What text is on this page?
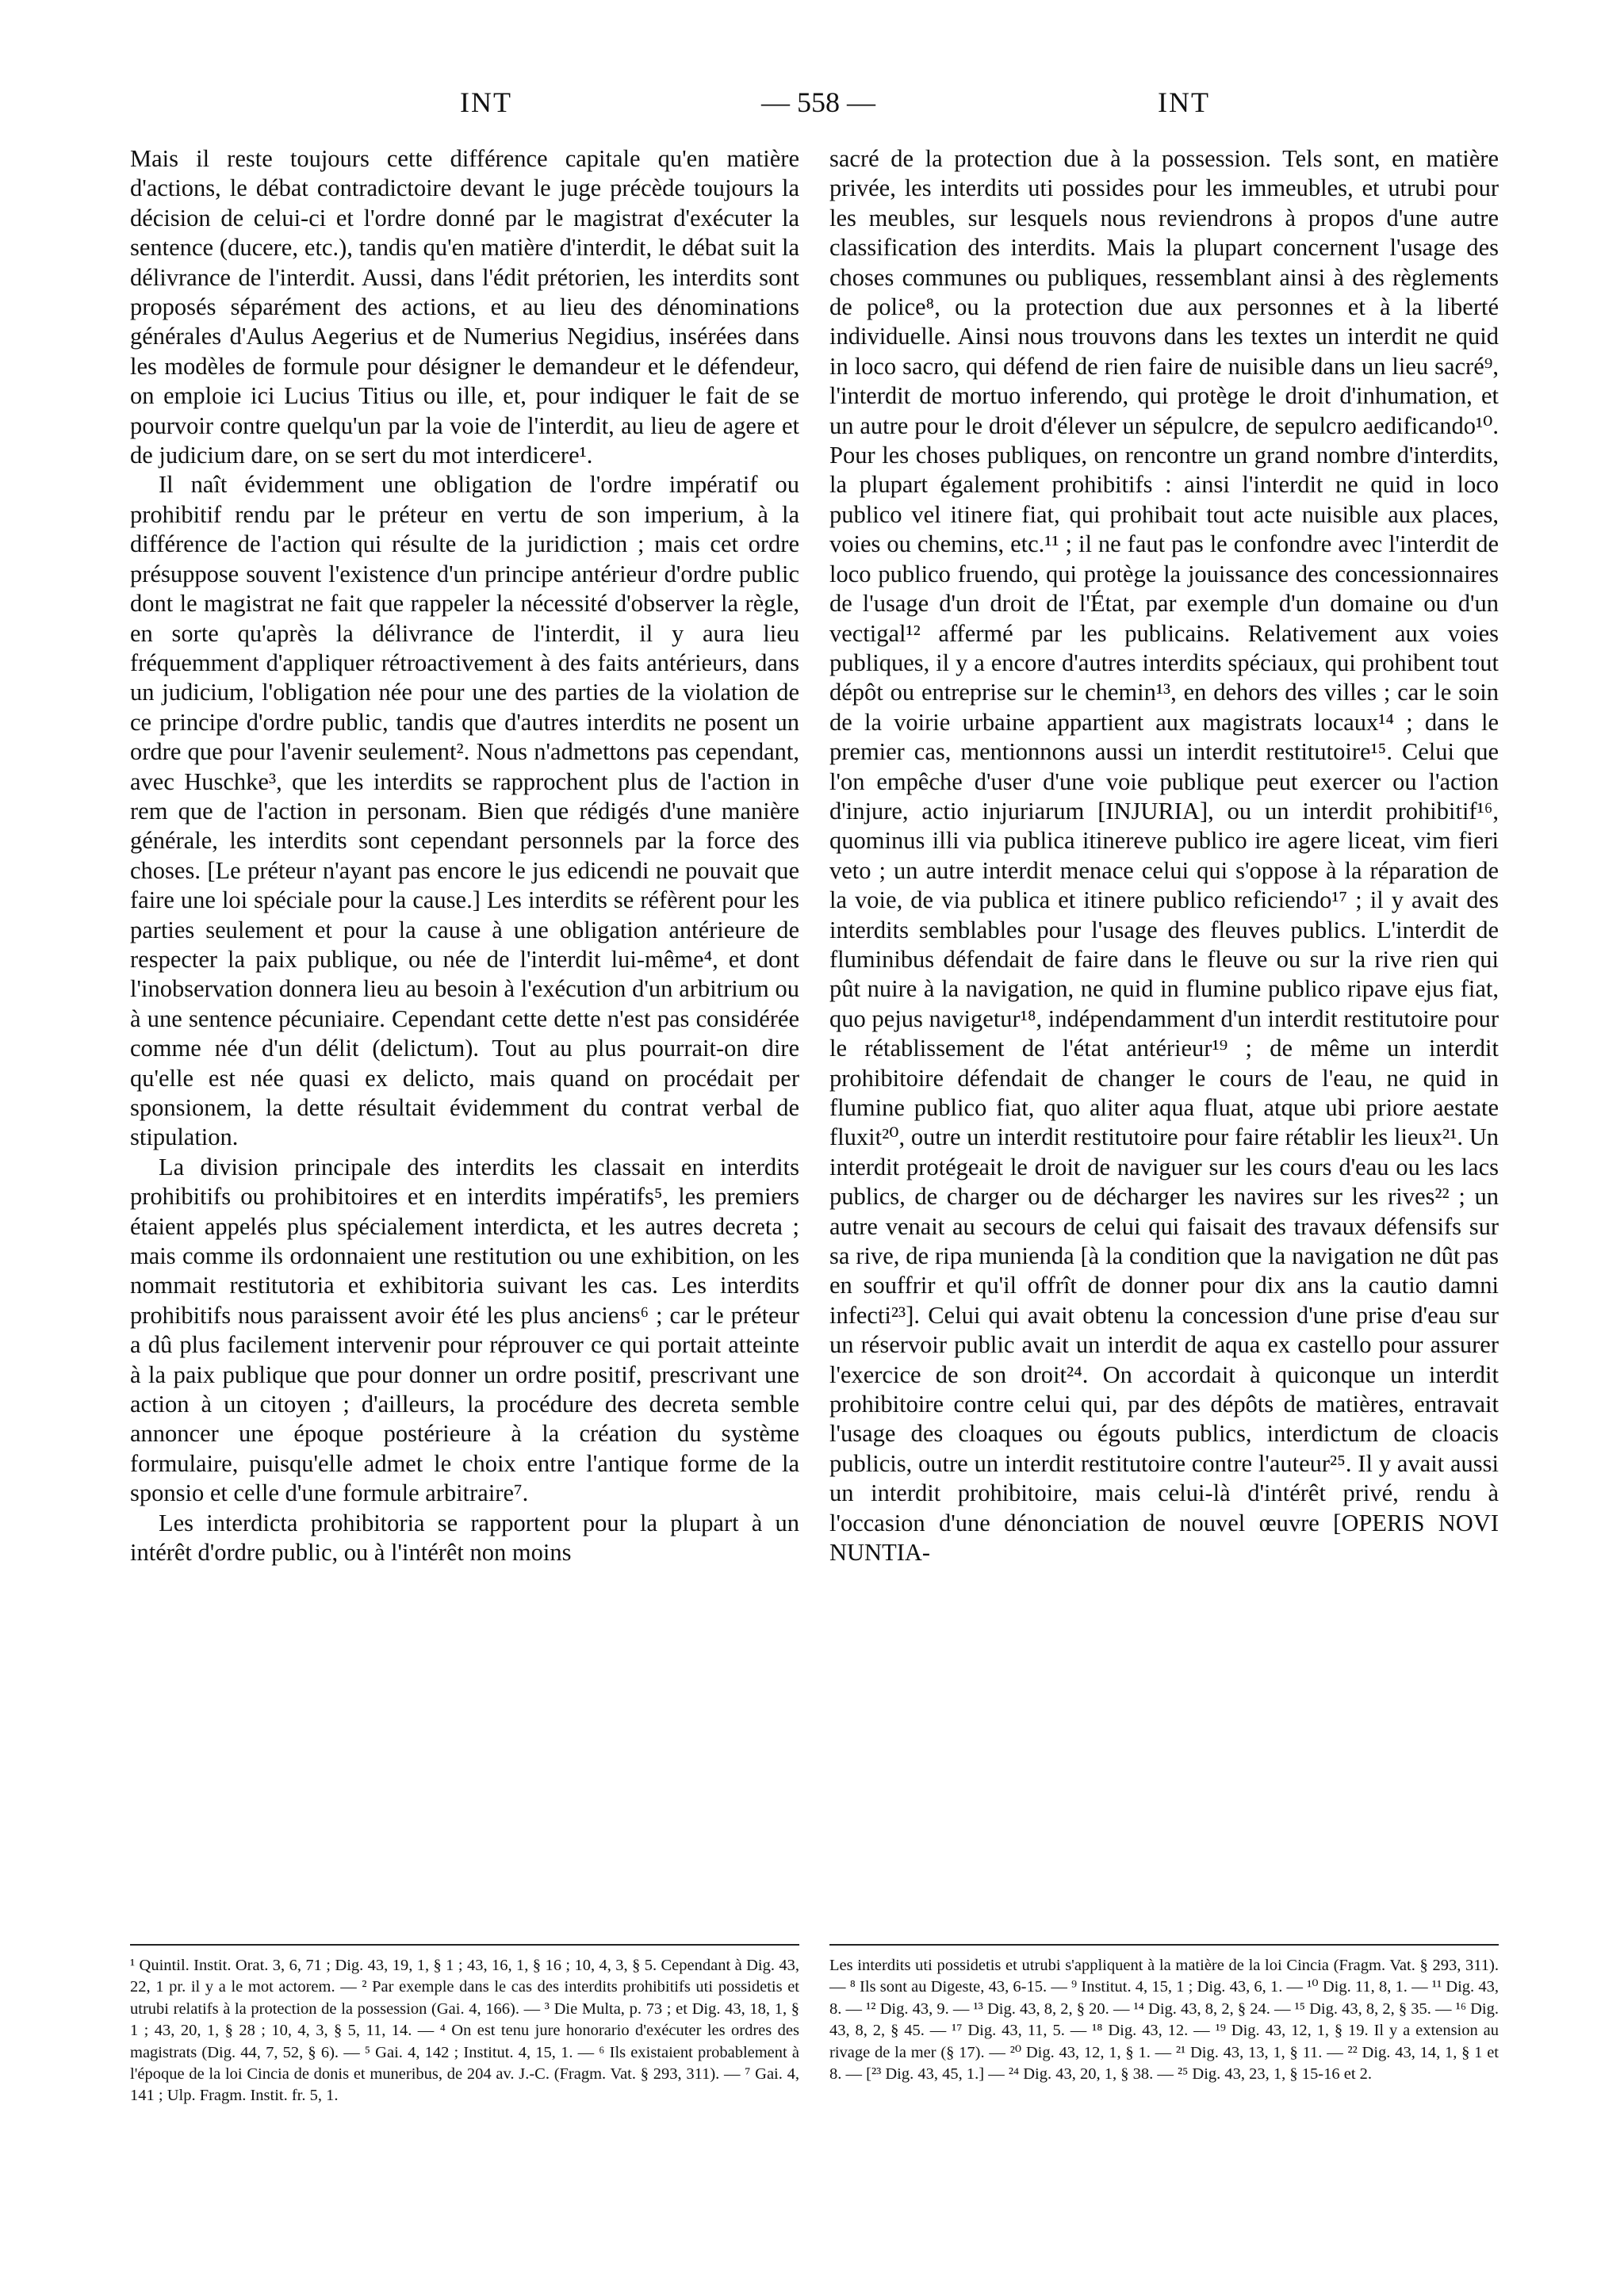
INT	— 558 —	INT

Mais il reste toujours cette différence capitale qu'en matière d'actions, le débat contradictoire devant le juge précède toujours la décision de celui-ci et l'ordre donné par le magistrat d'exécuter la sentence (ducere, etc.), tandis qu'en matière d'interdit, le débat suit la délivrance de l'interdit. Aussi, dans l'édit prétorien, les interdits sont proposés séparément des actions, et au lieu des dénominations générales d'Aulus Aegerius et de Numerius Negidius, insérées dans les modèles de formule pour désigner le demandeur et le défendeur, on emploie ici Lucius Titius ou ille, et, pour indiquer le fait de se pourvoir contre quelqu'un par la voie de l'interdit, au lieu de agere et de judicium dare, on se sert du mot interdicere¹.

Il naît évidemment une obligation de l'ordre impératif ou prohibitif rendu par le préteur en vertu de son imperium, à la différence de l'action qui résulte de la juridiction ; mais cet ordre présuppose souvent l'existence d'un principe antérieur d'ordre public dont le magistrat ne fait que rappeler la nécessité d'observer la règle, en sorte qu'après la délivrance de l'interdit, il y aura lieu fréquemment d'appliquer rétroactivement à des faits antérieurs, dans un judicium, l'obligation née pour une des parties de la violation de ce principe d'ordre public, tandis que d'autres interdits ne posent un ordre que pour l'avenir seulement². Nous n'admettons pas cependant, avec Huschke³, que les interdits se rapprochent plus de l'action in rem que de l'action in personam. Bien que rédigés d'une manière générale, les interdits sont cependant personnels par la force des choses. [Le préteur n'ayant pas encore le jus edicendi ne pouvait que faire une loi spéciale pour la cause.] Les interdits se réfèrent pour les parties seulement et pour la cause à une obligation antérieure de respecter la paix publique, ou née de l'interdit lui-même⁴, et dont l'inobservation donnera lieu au besoin à l'exécution d'un arbitrium ou à une sentence pécuniaire. Cependant cette dette n'est pas considérée comme née d'un délit (delictum). Tout au plus pourrait-on dire qu'elle est née quasi ex delicto, mais quand on procédait per sponsionem, la dette résultait évidemment du contrat verbal de stipulation.

La division principale des interdits les classait en interdits prohibitifs ou prohibitoires et en interdits impératifs⁵, les premiers étaient appelés plus spécialement interdicta, et les autres decreta ; mais comme ils ordonnaient une restitution ou une exhibition, on les nommait restitutoria et exhibitoria suivant les cas. Les interdits prohibitifs nous paraissent avoir été les plus anciens⁶ ; car le préteur a dû plus facilement intervenir pour réprouver ce qui portait atteinte à la paix publique que pour donner un ordre positif, prescrivant une action à un citoyen ; d'ailleurs, la procédure des decreta semble annoncer une époque postérieure à la création du système formulaire, puisqu'elle admet le choix entre l'antique forme de la sponsio et celle d'une formule arbitraire⁷.

Les interdicta prohibitoria se rapportent pour la plupart à un intérêt d'ordre public, ou à l'intérêt non moins

sacré de la protection due à la possession. Tels sont, en matière privée, les interdits uti possides pour les immeubles, et utrubi pour les meubles, sur lesquels nous reviendrons à propos d'une autre classification des interdits. Mais la plupart concernent l'usage des choses communes ou publiques, ressemblant ainsi à des règlements de police⁸, ou la protection due aux personnes et à la liberté individuelle. Ainsi nous trouvons dans les textes un interdit ne quid in loco sacro, qui défend de rien faire de nuisible dans un lieu sacré⁹, l'interdit de mortuo inferendo, qui protège le droit d'inhumation, et un autre pour le droit d'élever un sépulcre, de sepulcro aedificando¹⁰. Pour les choses publiques, on rencontre un grand nombre d'interdits, la plupart également prohibitifs : ainsi l'interdit ne quid in loco publico vel itinere fiat, qui prohibait tout acte nuisible aux places, voies ou chemins, etc.¹¹ ; il ne faut pas le confondre avec l'interdit de loco publico fruendo, qui protège la jouissance des concessionnaires de l'usage d'un droit de l'État, par exemple d'un domaine ou d'un vectigal¹² affermé par les publicains. Relativement aux voies publiques, il y a encore d'autres interdits spéciaux, qui prohibent tout dépôt ou entreprise sur le chemin¹³, en dehors des villes ; car le soin de la voirie urbaine appartient aux magistrats locaux¹⁴ ; dans le premier cas, mentionnons aussi un interdit restitutoire¹⁵. Celui que l'on empêche d'user d'une voie publique peut exercer ou l'action d'injure, actio injuriarum [INJURIA], ou un interdit prohibitif¹⁶, quominus illi via publica itinereve publico ire agere liceat, vim fieri veto ; un autre interdit menace celui qui s'oppose à la réparation de la voie, de via publica et itinere publico reficiendo¹⁷ ; il y avait des interdits semblables pour l'usage des fleuves publics. L'interdit de fluminibus défendait de faire dans le fleuve ou sur la rive rien qui pût nuire à la navigation, ne quid in flumine publico ripave ejus fiat, quo pejus navigetur¹⁸, indépendamment d'un interdit restitutoire pour le rétablissement de l'état antérieur¹⁹ ; de même un interdit prohibitoire défendait de changer le cours de l'eau, ne quid in flumine publico fiat, quo aliter aqua fluat, atque ubi priore aestate fluxit²⁰, outre un interdit restitutoire pour faire rétablir les lieux²¹. Un interdit protégeait le droit de naviguer sur les cours d'eau ou les lacs publics, de charger ou de décharger les navires sur les rives²² ; un autre venait au secours de celui qui faisait des travaux défensifs sur sa rive, de ripa munienda [à la condition que la navigation ne dût pas en souffrir et qu'il offrît de donner pour dix ans la cautio damni infecti²³]. Celui qui avait obtenu la concession d'une prise d'eau sur un réservoir public avait un interdit de aqua ex castello pour assurer l'exercice de son droit²⁴. On accordait à quiconque un interdit prohibitoire contre celui qui, par des dépôts de matières, entravait l'usage des cloaques ou égouts publics, interdictum de cloacis publicis, outre un interdit restitutoire contre l'auteur²⁵. Il y avait aussi un interdit prohibitoire, mais celui-là d'intérêt privé, rendu à l'occasion d'une dénonciation de nouvel œuvre [OPERIS NOVI NUNTIA-

¹ Quintil. Instit. Orat. 3, 6, 71 ; Dig. 43, 19, 1, § 1 ; 43, 16, 1, § 16 ; 10, 4, 3, § 5. Cependant à Dig. 43, 22, 1 pr. il y a le mot actorem. — ² Par exemple dans le cas des interdits prohibitifs uti possidetis et utrubi relatifs à la protection de la possession (Gai. 4, 166). — ³ Die Multa, p. 73 ; et Dig. 43, 18, 1, § 1 ; 43, 20, 1, § 28 ; 10, 4, 3, § 5, 11, 14. — ⁴ On est tenu jure honorario d'exécuter les ordres des magistrats (Dig. 44, 7, 52, § 6). — ⁵ Gai. 4, 142 ; Institut. 4, 15, 1. — ⁶ Ils existaient probablement à l'époque de la loi Cincia de donis et muneribus, de 204 av. J.-C. (Fragm. Vat. § 293, 311). — ⁷ Gai. 4, 141 ; Ulp. Fragm. Instit. fr. 5, 1.

Les interdits uti possidetis et utrubi s'appliquent à la matière de la loi Cincia (Fragm. Vat. § 293, 311). — ⁸ Ils sont au Digeste, 43, 6-15. — ⁹ Institut. 4, 15, 1 ; Dig. 43, 6, 1. — ¹⁰ Dig. 11, 8, 1. — ¹¹ Dig. 43, 8. — ¹² Dig. 43, 9. — ¹³ Dig. 43, 8, 2, § 20. — ¹⁴ Dig. 43, 8, 2, § 24. — ¹⁵ Dig. 43, 8, 2, § 35. — ¹⁶ Dig. 43, 8, 2, § 45. — ¹⁷ Dig. 43, 11, 5. — ¹⁸ Dig. 43, 12. — ¹⁹ Dig. 43, 12, 1, § 19. Il y a extension au rivage de la mer (§ 17). — ²⁰ Dig. 43, 12, 1, § 1. — ²¹ Dig. 43, 13, 1, § 11. — ²² Dig. 43, 14, 1, § 1 et 8. — [²³ Dig. 43, 45, 1.] — ²⁴ Dig. 43, 20, 1, § 38. — ²⁵ Dig. 43, 23, 1, § 15-16 et 2.
